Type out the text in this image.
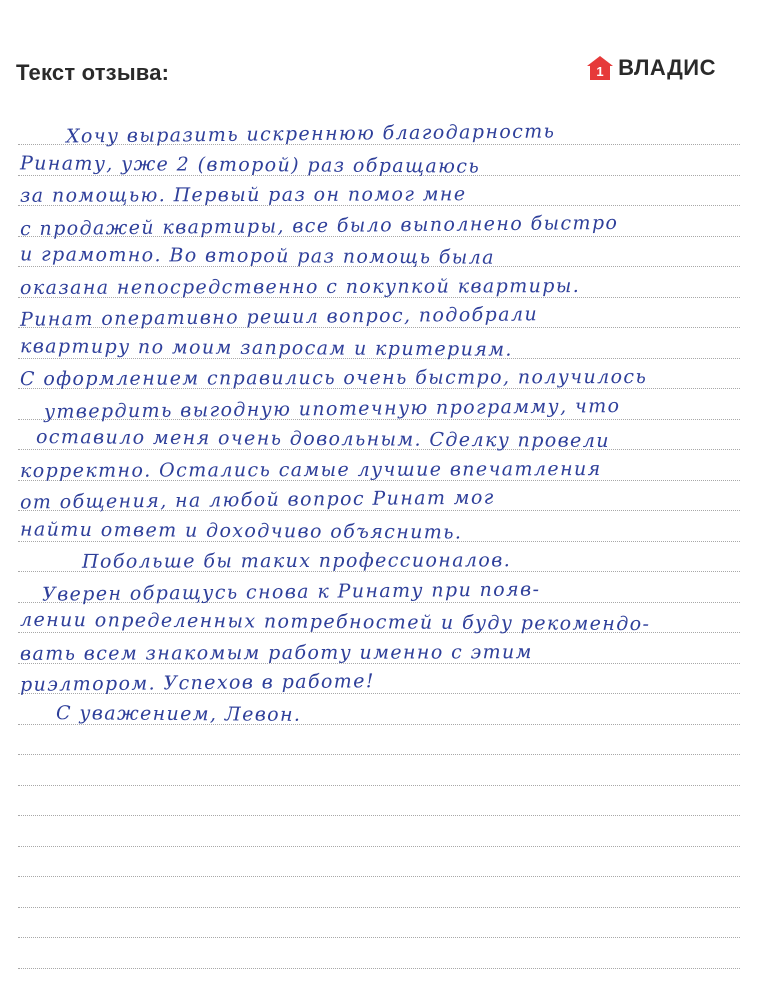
Текст отзыва:	1 ВЛАДИС
Хочу выразить искреннюю благодарность
Ринату, уже 2 (второй) раз обращаюсь
за помощью. Первый раз он помог мне
с продажей квартиры, все было выполнено быстро
и грамотно. Во второй раз помощь была
оказана непосредственно с покупкой квартиры.
Ринат оперативно решил вопрос, подобрали
квартиру по моим запросам и критериям.
С оформлением справились очень быстро, получилось
утвердить выгодную ипотечную программу, что
оставило меня очень довольным. Сделку провели
корректно. Остались самые лучшие впечатления
от общения, на любой вопрос Ринат мог
найти ответ и доходчиво объяснить.
Побольше бы таких профессионалов.
Уверен обращусь снова к Ринату при появ-
лении определенных потребностей и буду рекомендо-
вать всем знакомым работу именно с этим
риэлтором. Успехов в работе!
С уважением, Левон.
